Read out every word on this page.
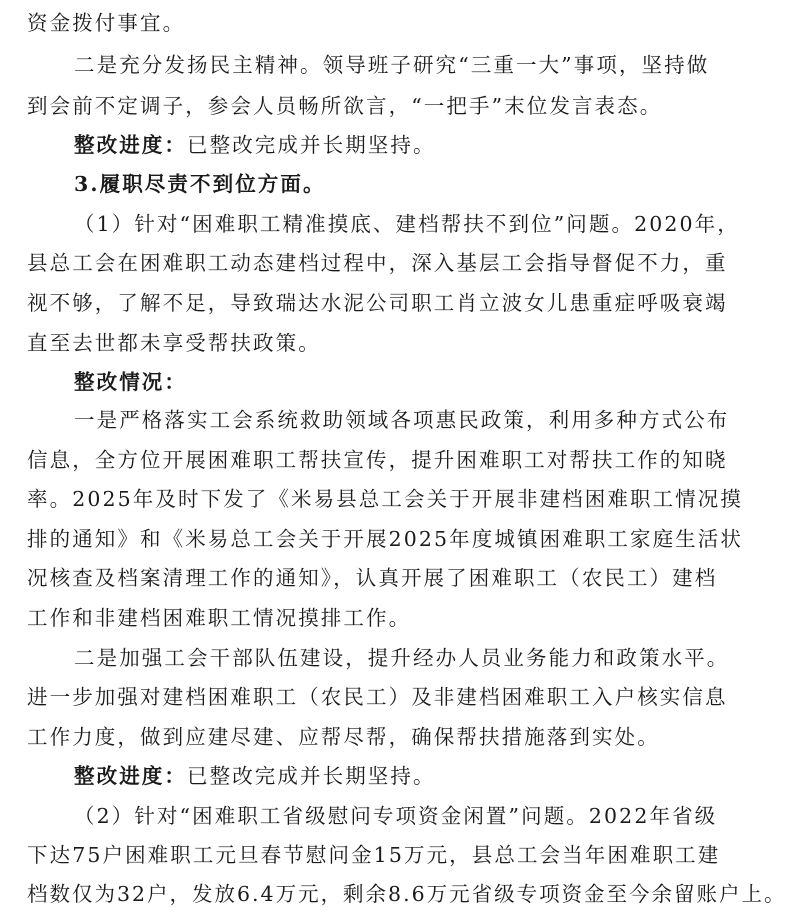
资金拨付事宜。
二是充分发扬民主精神。领导班子研究“三重一大”事项，坚持做
到会前不定调子，参会人员畅所欲言，“一把手”末位发言表态。
整改进度：已整改完成并长期坚持。
3.履职尽责不到位方面。
（1）针对“困难职工精准摸底、建档帮扶不到位”问题。2020年，
县总工会在困难职工动态建档过程中，深入基层工会指导督促不力，重
视不够，了解不足，导致瑞达水泥公司职工肖立波女儿患重症呼吸衰竭
直至去世都未享受帮扶政策。
整改情况：
一是严格落实工会系统救助领域各项惠民政策，利用多种方式公布
信息，全方位开展困难职工帮扶宣传，提升困难职工对帮扶工作的知晓
率。2025年及时下发了《米易县总工会关于开展非建档困难职工情况摸
排的通知》和《米易总工会关于开展2025年度城镇困难职工家庭生活状
况核查及档案清理工作的通知》，认真开展了困难职工（农民工）建档
工作和非建档困难职工情况摸排工作。
二是加强工会干部队伍建设，提升经办人员业务能力和政策水平。
进一步加强对建档困难职工（农民工）及非建档困难职工入户核实信息
工作力度，做到应建尽建、应帮尽帮，确保帮扶措施落到实处。
整改进度：已整改完成并长期坚持。
（2）针对“困难职工省级慰问专项资金闲置”问题。2022年省级
下达75户困难职工元旦春节慰问金15万元，县总工会当年困难职工建
档数仅为32户，发放6.4万元，剩余8.6万元省级专项资金至今余留账户上。
